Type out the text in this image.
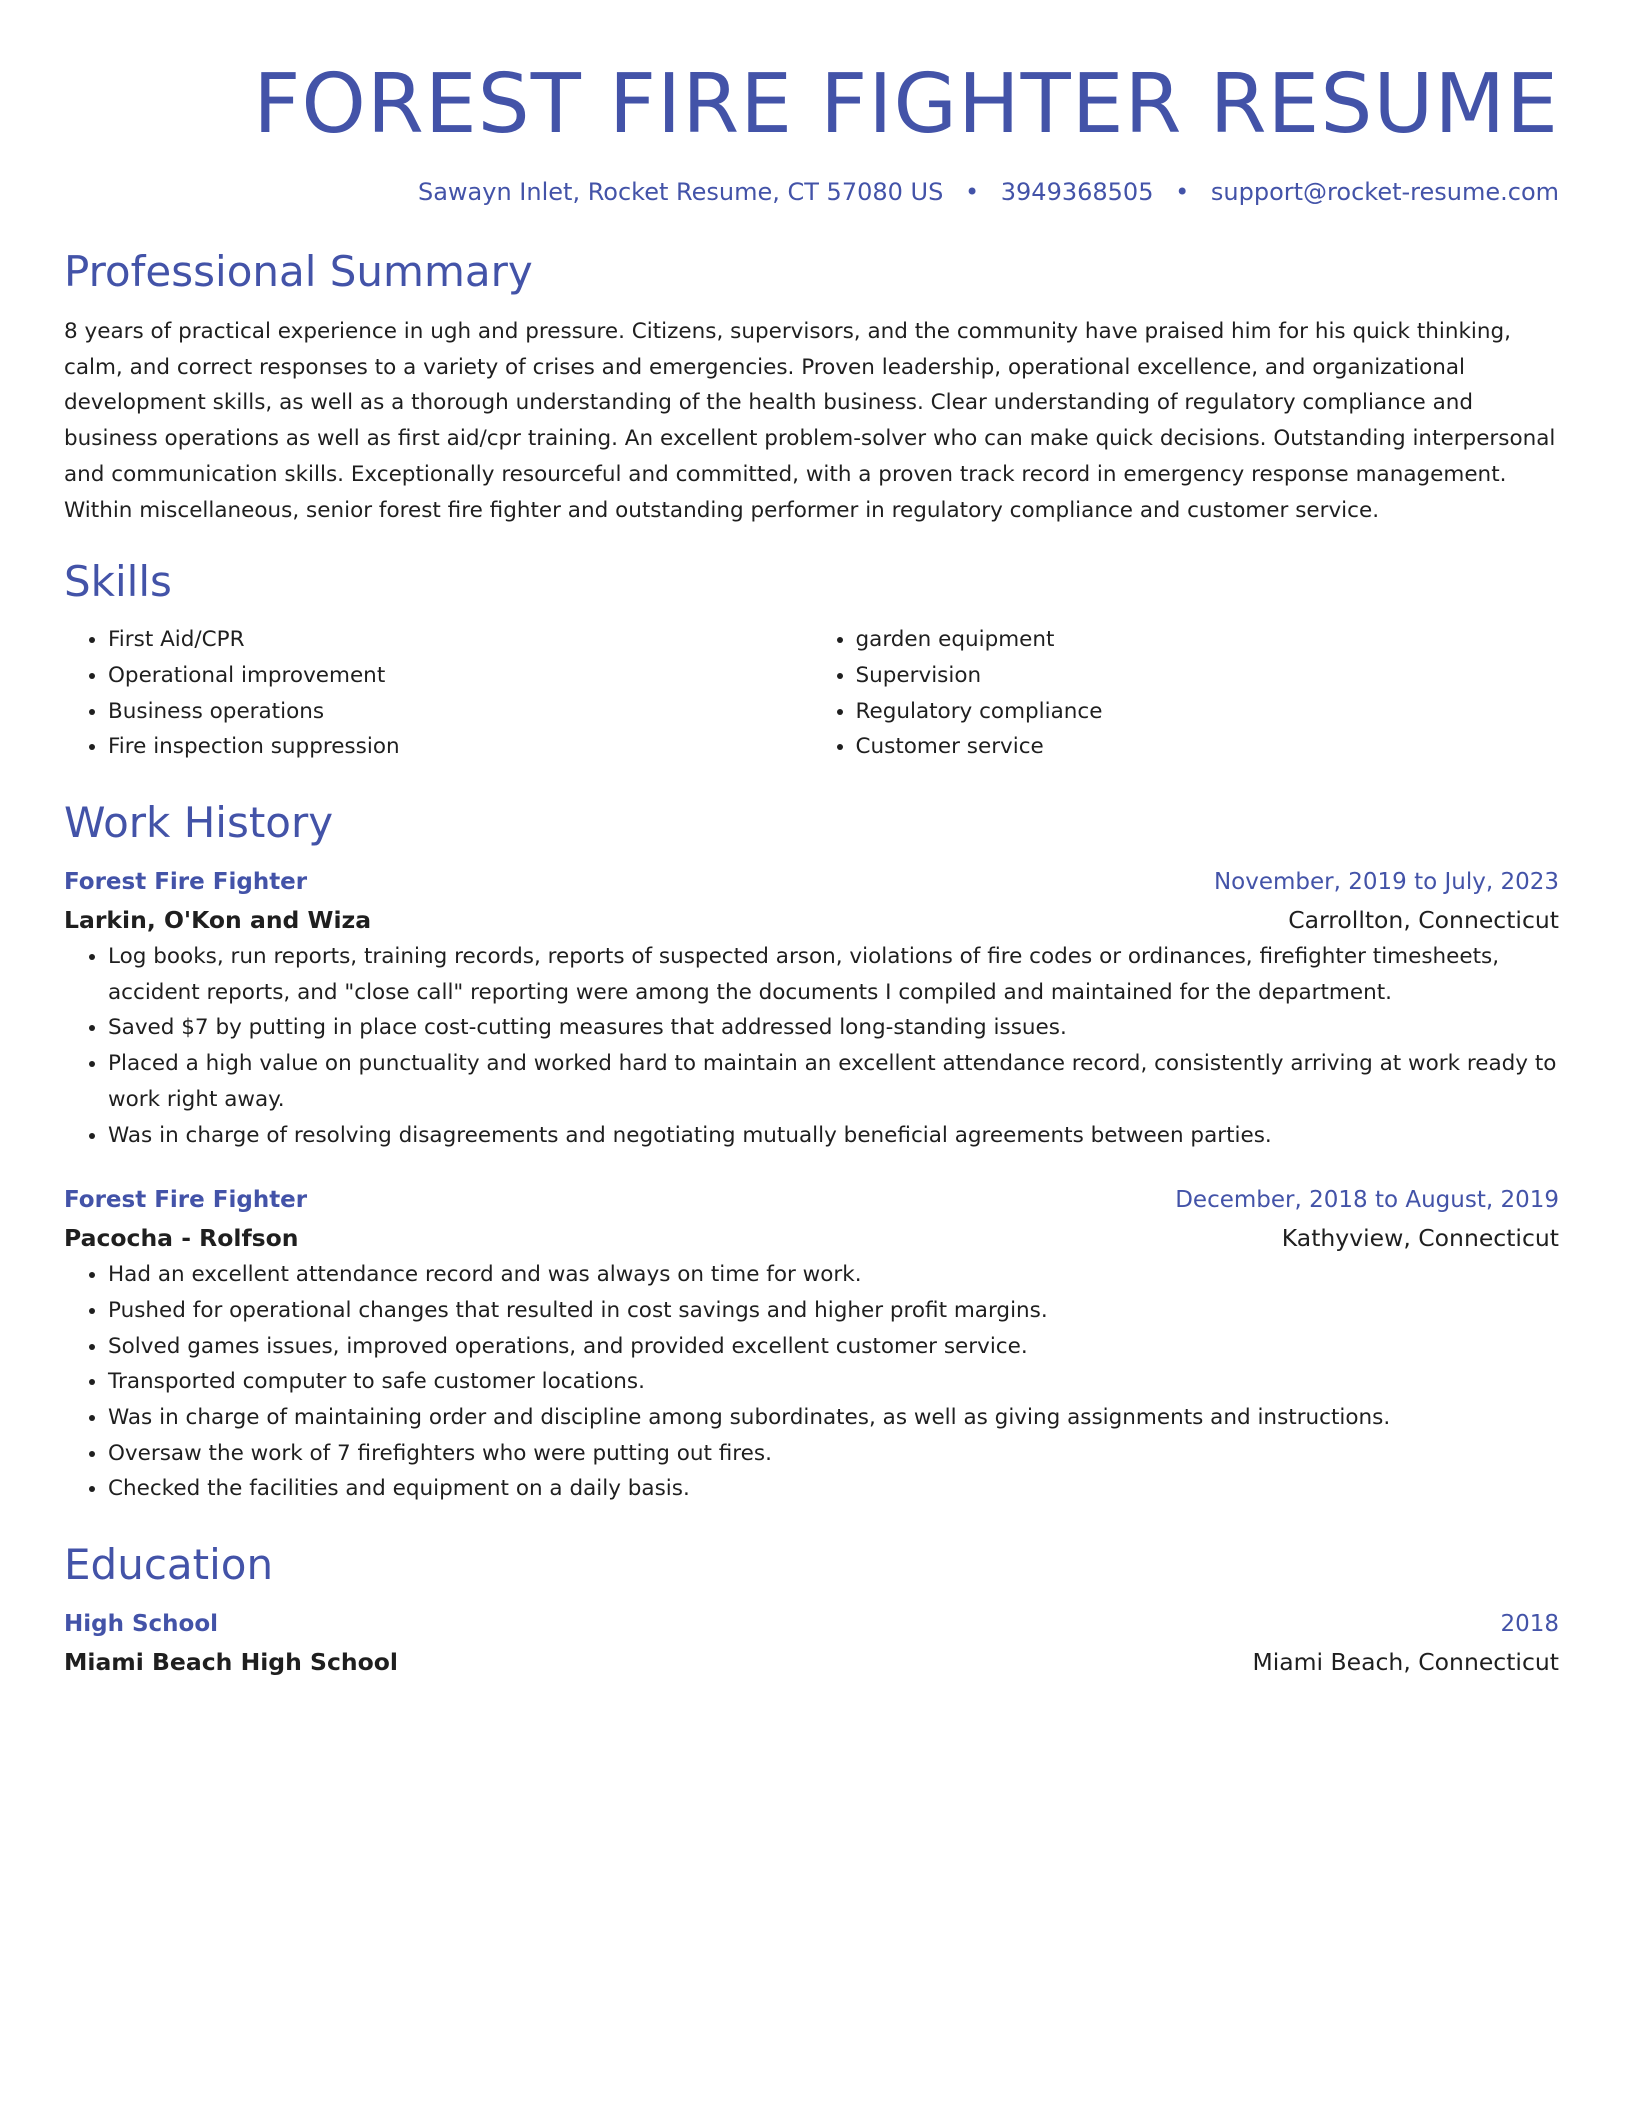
FOREST FIRE FIGHTER RESUME
Sawayn Inlet, Rocket Resume, CT 57080 US • 3949368505 • support@rocket-resume.com
Professional Summary

8 years of practical experience in ugh and pressure. Citizens, supervisors, and the community have praised him for his quick thinking, calm, and correct responses to a variety of crises and emergencies. Proven leadership, operational excellence, and organizational development skills, as well as a thorough understanding of the health business. Clear understanding of regulatory compliance and business operations as well as first aid/cpr training. An excellent problem-solver who can make quick decisions. Outstanding interpersonal and communication skills. Exceptionally resourceful and committed, with a proven track record in emergency response management. Within miscellaneous, senior forest fire fighter and outstanding performer in regulatory compliance and customer service.

Skills
• First Aid/CPR
• Operational improvement
• Business operations
• Fire inspection suppression
• garden equipment
• Supervision
• Regulatory compliance
• Customer service
Work History
Forest Fire Fighter	November, 2019 to July, 2023
Larkin, O'Kon and Wiza	Carrollton, Connecticut
• Log books, run reports, training records, reports of suspected arson, violations of fire codes or ordinances, firefighter timesheets, accident reports, and "close call" reporting were among the documents I compiled and maintained for the department.
• Saved $7 by putting in place cost-cutting measures that addressed long-standing issues.
• Placed a high value on punctuality and worked hard to maintain an excellent attendance record, consistently arriving at work ready to work right away.
• Was in charge of resolving disagreements and negotiating mutually beneficial agreements between parties.
Forest Fire Fighter	December, 2018 to August, 2019
Pacocha - Rolfson	Kathyview, Connecticut
• Had an excellent attendance record and was always on time for work.
• Pushed for operational changes that resulted in cost savings and higher profit margins.
• Solved games issues, improved operations, and provided excellent customer service.
• Transported computer to safe customer locations.
• Was in charge of maintaining order and discipline among subordinates, as well as giving assignments and instructions.
• Oversaw the work of 7 firefighters who were putting out fires.
• Checked the facilities and equipment on a daily basis.
Education
High School	2018
Miami Beach High School	Miami Beach, Connecticut
